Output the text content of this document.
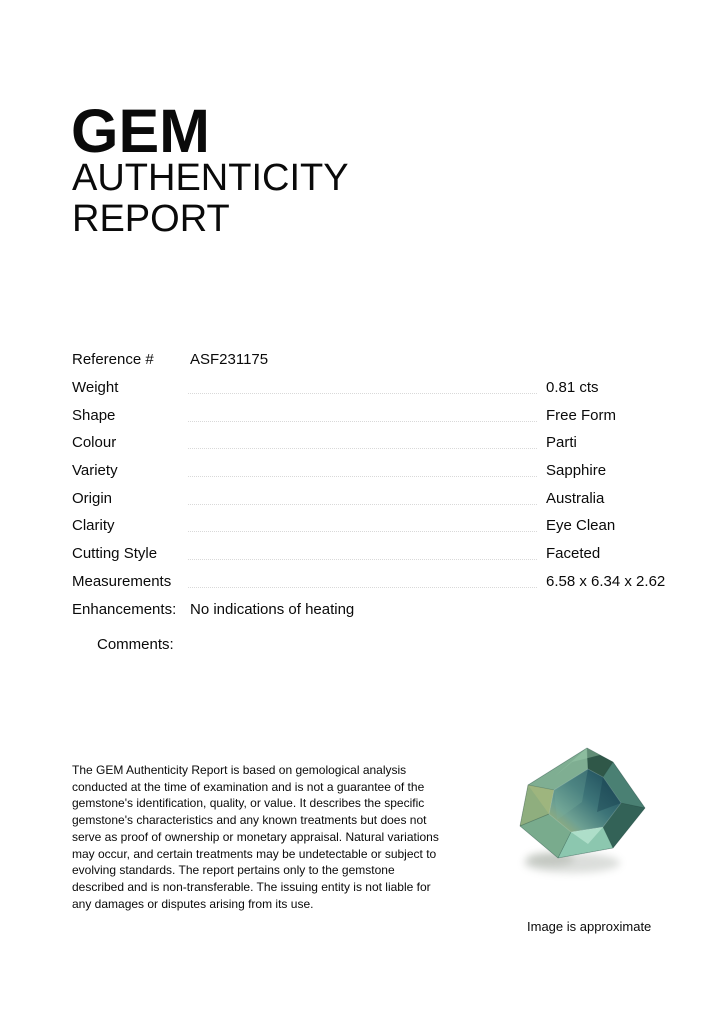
GEM
AUTHENTICITY
REPORT
Reference #	ASF231175
Weight	0.81 cts
Shape	Free Form
Colour	Parti
Variety	Sapphire
Origin	Australia
Clarity	Eye Clean
Cutting Style	Faceted
Measurements	6.58 x 6.34 x 2.62
Enhancements: No indications of heating
Comments:
The GEM Authenticity Report is based on gemological analysis conducted at the time of examination and is not a guarantee of the gemstone's identification, quality, or value. It describes the specific gemstone's characteristics and any known treatments but does not serve as proof of ownership or monetary appraisal. Natural variations may occur, and certain treatments may be undetectable or subject to evolving standards. The report pertains only to the gemstone described and is non-transferable. The issuing entity is not liable for any damages or disputes arising from its use.
Image is approximate
